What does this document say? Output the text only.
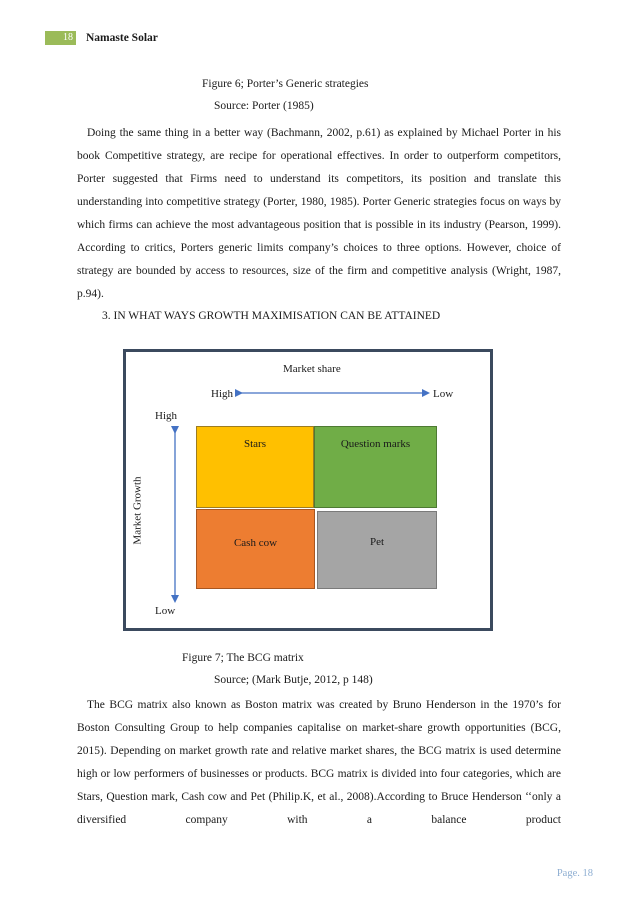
18 Namaste Solar
Figure 6; Porter’s Generic strategies
Source: Porter (1985)

Doing the same thing in a better way (Bachmann, 2002, p.61) as explained by Michael Porter in his book Competitive strategy, are recipe for operational effectives. In order to outperform competitors, Porter suggested that Firms need to understand its competitors, its position and translate this understanding into competitive strategy (Porter, 1980, 1985). Porter Generic strategies focus on ways by which firms can achieve the most advantageous position that is possible in its industry (Pearson, 1999). According to critics, Porters generic limits company’s choices to three options. However, choice of strategy are bounded by access to resources, size of the firm and competitive analysis (Wright, 1987, p.94).

3. IN WHAT WAYS GROWTH MAXIMISATION CAN BE ATTAINED
Market share
High	Low
High
Low
Market Growth
Stars	Question marks
Cash cow	Pet
Figure 7; The BCG matrix
Source; (Mark Butje, 2012, p 148)

The BCG matrix also known as Boston matrix was created by Bruno Henderson in the 1970’s for Boston Consulting Group to help companies capitalise on market-share growth opportunities (BCG, 2015). Depending on market growth rate and relative market shares, the BCG matrix is used determine high or low performers of businesses or products. BCG matrix is divided into four categories, which are Stars, Question mark, Cash cow and Pet (Philip.K, et al., 2008).According to Bruce Henderson ‘‘only a diversified company with a balance product

Page. 18
